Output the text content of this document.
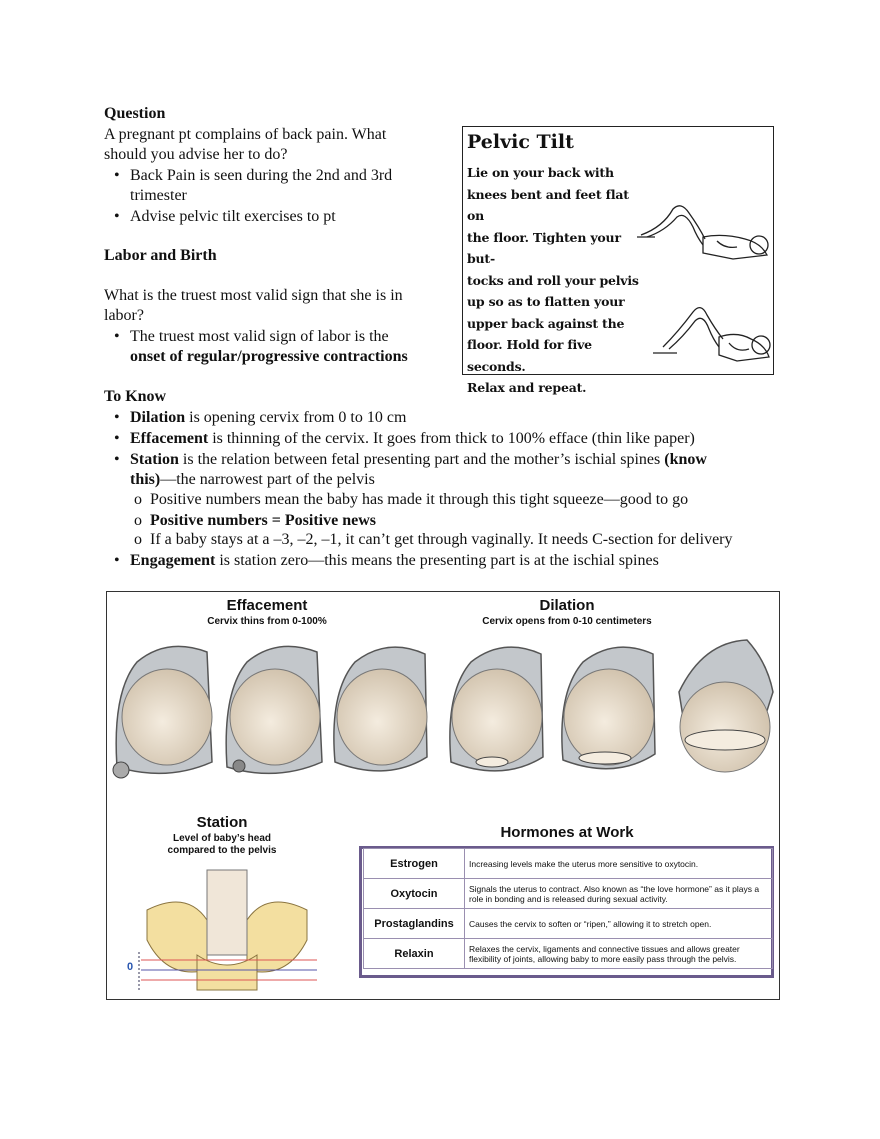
Question
A pregnant pt complains of back pain. What
should you advise her to do?
• Back Pain is seen during the 2nd and 3rd
trimester
• Advise pelvic tilt exercises to pt
Labor and Birth
What is the truest most valid sign that she is in
labor?
• The truest most valid sign of labor is the
onset of regular/progressive contractions
Pelvic Tilt
Lie on your back with
knees bent and feet flat on
the floor. Tighten your but-
tocks and roll your pelvis
up so as to flatten your
upper back against the
floor. Hold for five seconds.
Relax and repeat.
To Know
• Dilation is opening cervix from 0 to 10 cm
• Effacement is thinning of the cervix. It goes from thick to 100% efface (thin like paper)
• Station is the relation between fetal presenting part and the mother’s ischial spines (know
this)—the narrowest part of the pelvis
o Positive numbers mean the baby has made it through this tight squeeze—good to go
o Positive numbers = Positive news
o If a baby stays at a –3, –2, –1, it can’t get through vaginally. It needs C-section for delivery
• Engagement is station zero—this means the presenting part is at the ischial spines
Effacement
Cervix thins from 0-100%
Dilation
Cervix opens from 0-10 centimeters
Station
Level of baby’s head
compared to the pelvis
0
Hormones at Work
Estrogen	Increasing levels make the uterus more sensitive to oxytocin.
Oxytocin	Signals the uterus to contract. Also known as “the love hormone” as it plays a role in bonding and is released during sexual activity.
Prostaglandins	Causes the cervix to soften or “ripen,” allowing it to stretch open.
Relaxin	Relaxes the cervix, ligaments and connective tissues and allows greater flexibility of joints, allowing baby to more easily pass through the pelvis.
